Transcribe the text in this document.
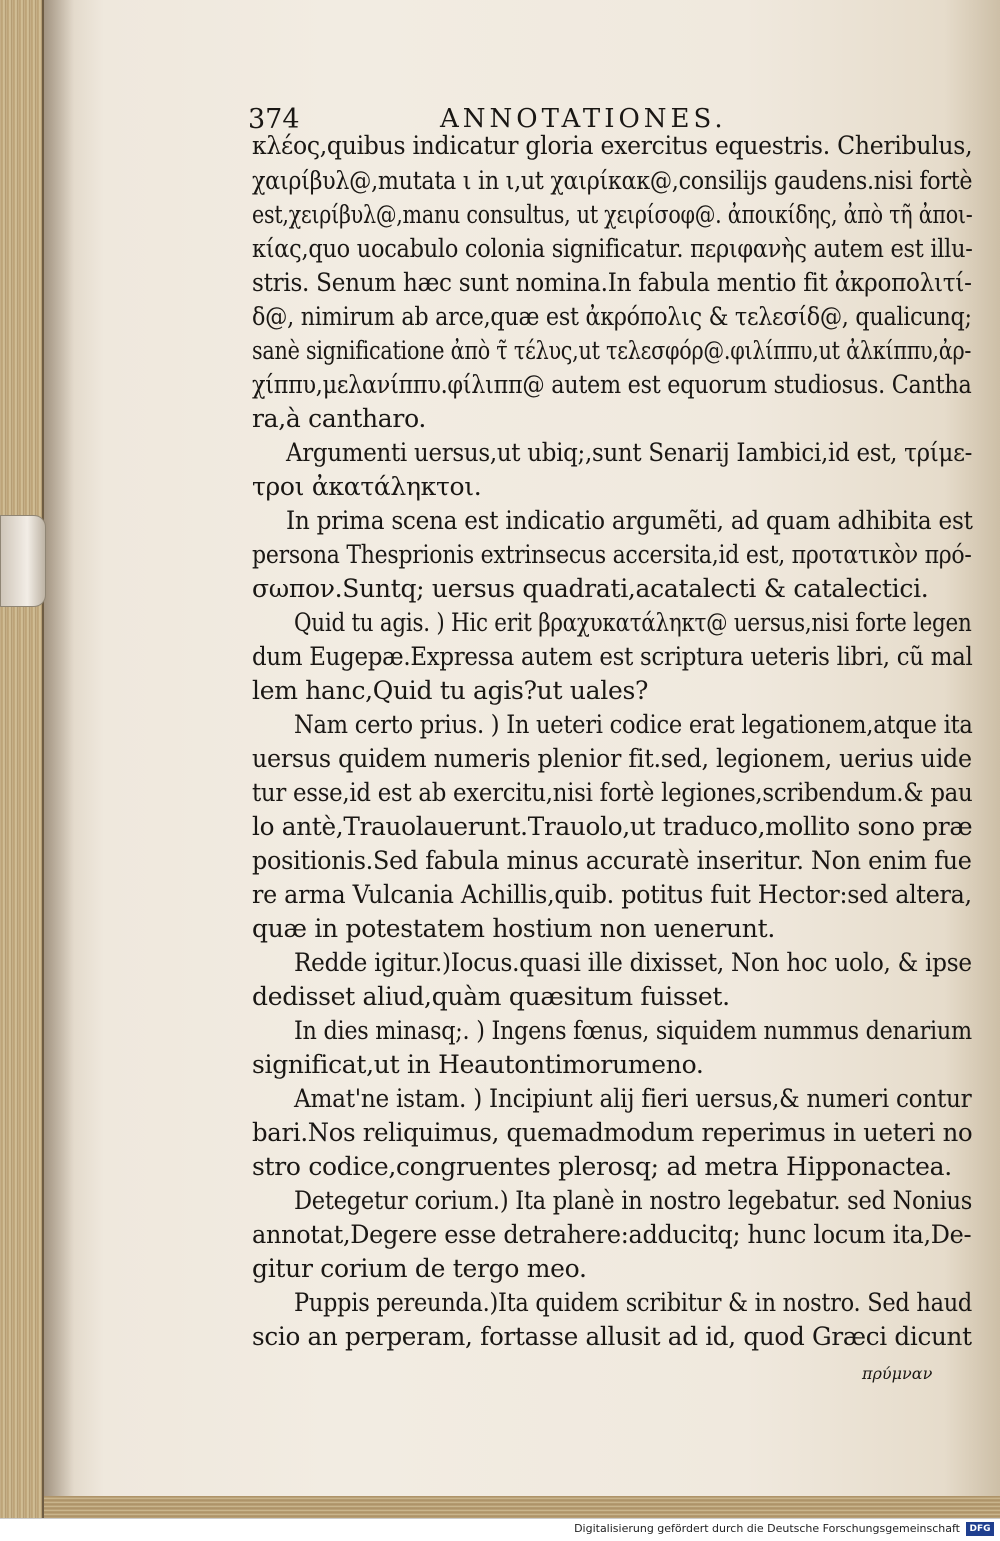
374	ANNOTATIONES.
κλέος,quibus indicatur gloria exercitus equestris. Cheribulus,
χαιρίβυλ@,mutata ι in ι,ut χαιρίκακ@,consilijs gaudens.nisi fortè
est,χειρίβυλ@,manu consultus, ut χειρίσοφ@. ἀποικίδης, ἀπὸ τῆ ἀποι-
κίας,quo uocabulo colonia significatur. περιφανὴς autem est illu-
stris. Senum hæc sunt nomina.In fabula mentio fit ἀκροπολιτί-
δ@, nimirum ab arce,quæ est ἀκρόπολις & τελεσίδ@, qualicunq;
sanè significatione ἀπὸ τ̃ τέλυς,ut τελεσφόρ@.φιλίππυ,ut ἀλκίππυ,ἀρ-
χίππυ,μελανίππυ.φίλιππ@ autem est equorum studiosus. Cantha
ra,à cantharo.
Argumenti uersus,ut ubiq;,sunt Senarij Iambici,id est, τρίμε-
τροι ἀκατάληκτοι.
In prima scena est indicatio argumẽti, ad quam adhibita est
persona Thesprionis extrinsecus accersita,id est, προτατικὸν πρό-
σωπον.Suntq; uersus quadrati,acatalecti & catalectici.
Quid tu agis. ) Hic erit βραχυκατάληκτ@ uersus,nisi forte legen
dum Eugepæ.Expressa autem est scriptura ueteris libri, cũ mal
lem hanc,Quid tu agis?ut uales?
Nam certo prius. ) In ueteri codice erat legationem,atque ita
uersus quidem numeris plenior fit.sed, legionem, uerius uide
tur esse,id est ab exercitu,nisi fortè legiones,scribendum.& pau
lo antè,Trauolauerunt.Trauolo,ut traduco,mollito sono præ
positionis.Sed fabula minus accuratè inseritur. Non enim fue
re arma Vulcania Achillis,quib. potitus fuit Hector:sed altera,
quæ in potestatem hostium non uenerunt.
Redde igitur.)Iocus.quasi ille dixisset, Non hoc uolo, & ipse
dedisset aliud,quàm quæsitum fuisset.
In dies minasq;. ) Ingens fœnus, siquidem nummus denarium
significat,ut in Heautontimorumeno.
Amat'ne istam. ) Incipiunt alij fieri uersus,& numeri contur
bari.Nos reliquimus, quemadmodum reperimus in ueteri no
stro codice,congruentes plerosq; ad metra Hipponactea.
Detegetur corium.) Ita planè in nostro legebatur. sed Nonius
annotat,Degere esse detrahere:adducitq; hunc locum ita,De-
gitur corium de tergo meo.
Puppis pereunda.)Ita quidem scribitur & in nostro. Sed haud
scio an perperam, fortasse allusit ad id, quod Græci dicunt
πρύμναν
Digitalisierung gefördert durch die Deutsche Forschungsgemeinschaft	DFG
